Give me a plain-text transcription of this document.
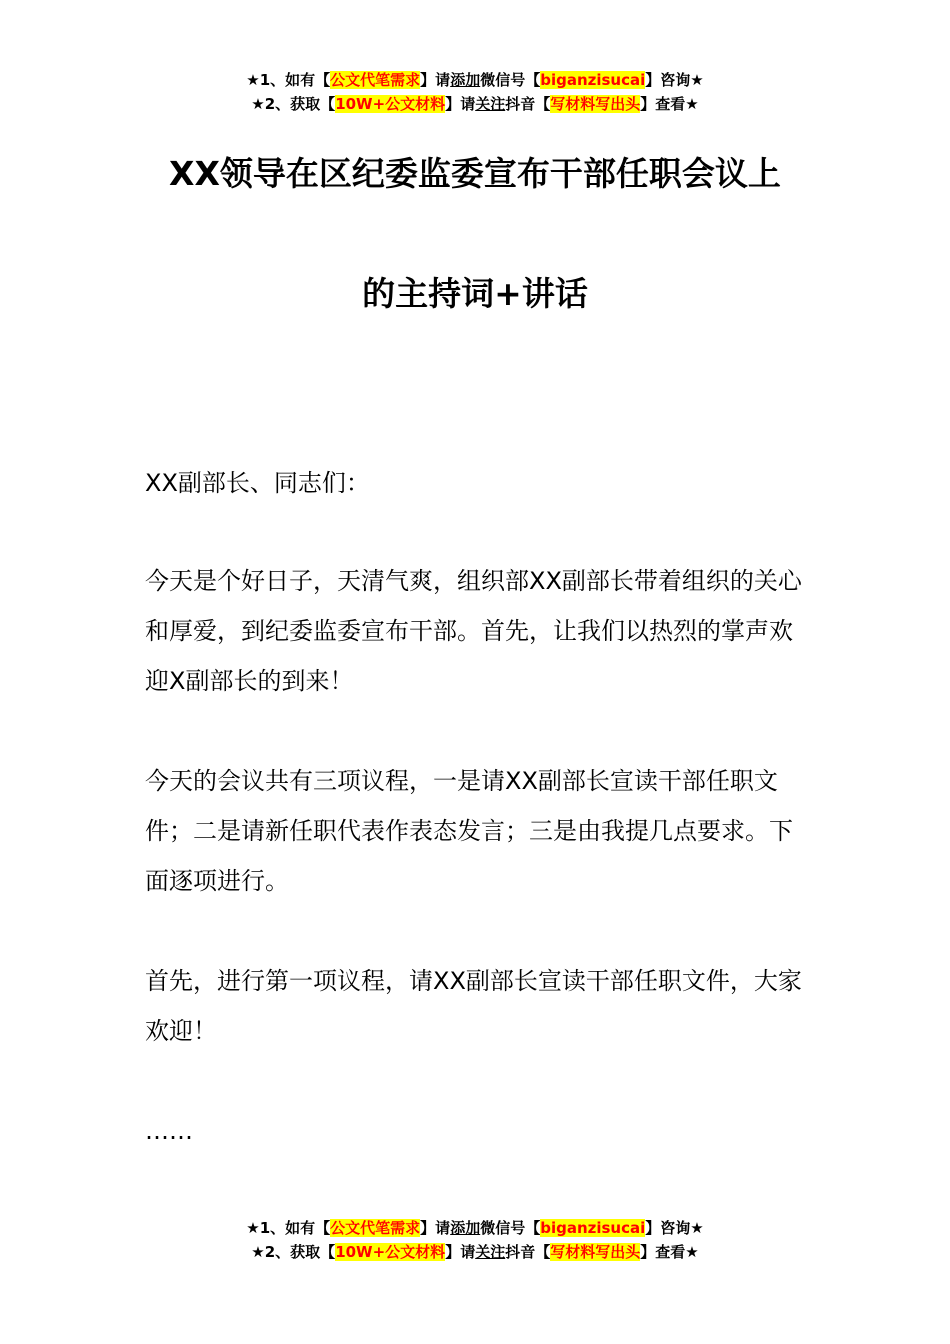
★1、如有【公文代笔需求】请添加微信号【biganzisucai】咨询★
★2、获取【10W+公文材料】请关注抖音【写材料写出头】查看★
XX领导在区纪委监委宣布干部任职会议上
的主持词+讲话
XX副部长、同志们：
今天是个好日子，天清气爽，组织部XX副部长带着组织的关心和厚爱，到纪委监委宣布干部。首先，让我们以热烈的掌声欢迎X副部长的到来！
今天的会议共有三项议程，一是请XX副部长宣读干部任职文件；二是请新任职代表作表态发言；三是由我提几点要求。下面逐项进行。
首先，进行第一项议程，请XX副部长宣读干部任职文件，大家欢迎！
……
★1、如有【公文代笔需求】请添加微信号【biganzisucai】咨询★
★2、获取【10W+公文材料】请关注抖音【写材料写出头】查看★
